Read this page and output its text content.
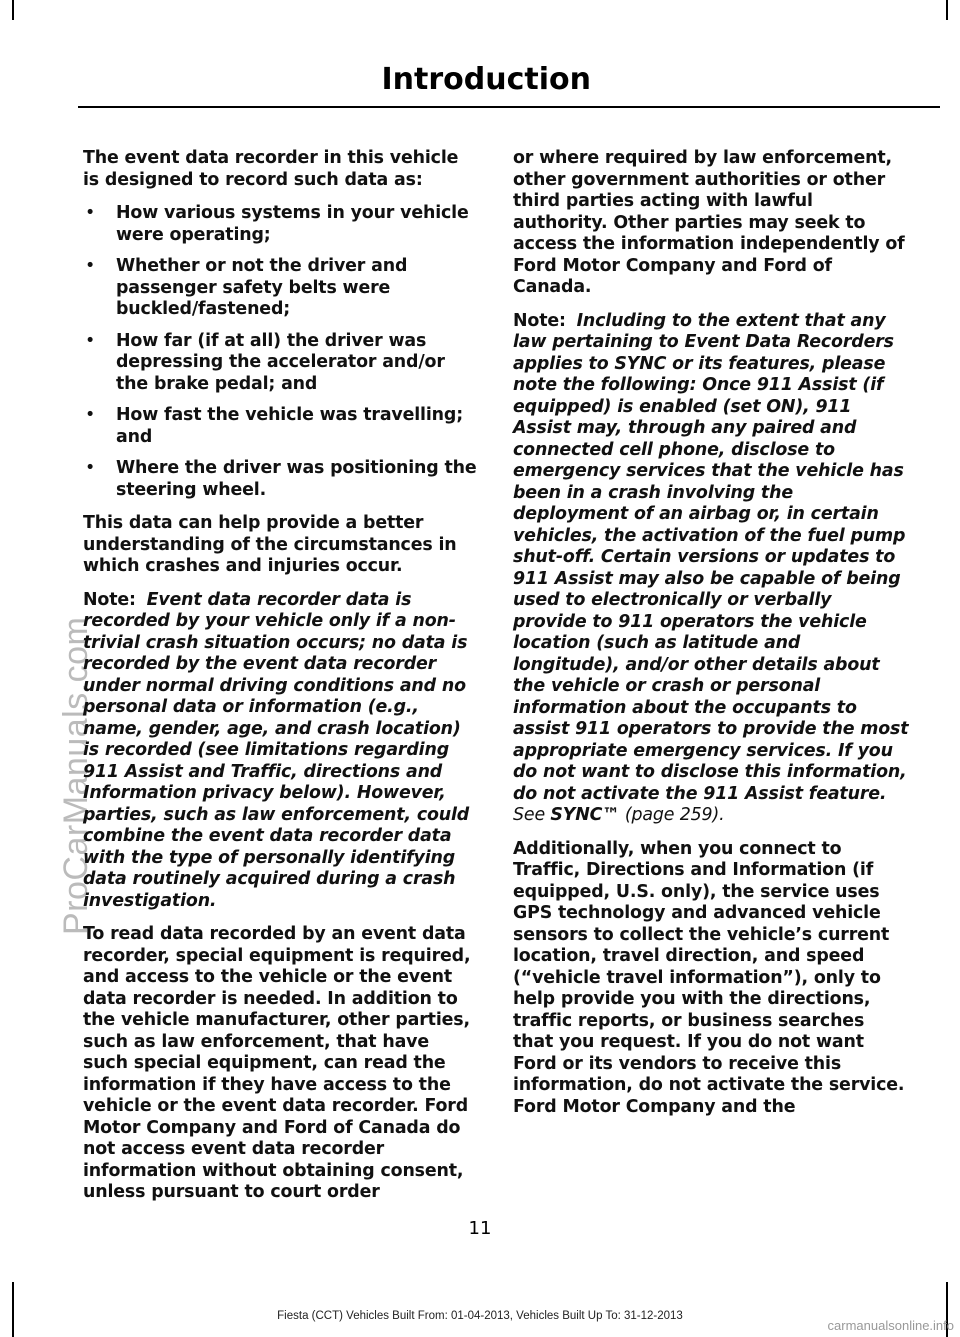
Introduction
ProCarManuals.com

The event data recorder in this vehicle is designed to record such data as:

• How various systems in your vehicle were operating;
• Whether or not the driver and passenger safety belts were buckled/fastened;
• How far (if at all) the driver was depressing the accelerator and/or the brake pedal; and
• How fast the vehicle was travelling; and
• Where the driver was positioning the steering wheel.

This data can help provide a better understanding of the circumstances in which crashes and injuries occur.

Note: Event data recorder data is recorded by your vehicle only if a non-trivial crash situation occurs; no data is recorded by the event data recorder under normal driving conditions and no personal data or information (e.g., name, gender, age, and crash location) is recorded (see limitations regarding 911 Assist and Traffic, directions and Information privacy below). However, parties, such as law enforcement, could combine the event data recorder data with the type of personally identifying data routinely acquired during a crash investigation.

To read data recorded by an event data recorder, special equipment is required, and access to the vehicle or the event data recorder is needed. In addition to the vehicle manufacturer, other parties, such as law enforcement, that have such special equipment, can read the information if they have access to the vehicle or the event data recorder. Ford Motor Company and Ford of Canada do not access event data recorder information without obtaining consent, unless pursuant to court order

or where required by law enforcement, other government authorities or other third parties acting with lawful authority. Other parties may seek to access the information independently of Ford Motor Company and Ford of Canada.

Note: Including to the extent that any law pertaining to Event Data Recorders applies to SYNC or its features, please note the following: Once 911 Assist (if equipped) is enabled (set ON), 911 Assist may, through any paired and connected cell phone, disclose to emergency services that the vehicle has been in a crash involving the deployment of an airbag or, in certain vehicles, the activation of the fuel pump shut-off. Certain versions or updates to 911 Assist may also be capable of being used to electronically or verbally provide to 911 operators the vehicle location (such as latitude and longitude), and/or other details about the vehicle or crash or personal information about the occupants to assist 911 operators to provide the most appropriate emergency services. If you do not want to disclose this information, do not activate the 911 Assist feature.   See SYNC™ (page 259).

Additionally, when you connect to Traffic, Directions and Information (if equipped, U.S. only), the service uses GPS technology and advanced vehicle sensors to collect the vehicle’s current location, travel direction, and speed (“vehicle travel information”), only to help provide you with the directions, traffic reports, or business searches that you request. If you do not want Ford or its vendors to receive this information, do not activate the service. Ford Motor Company and the

11
Fiesta (CCT) Vehicles Built From: 01-04-2013, Vehicles Built Up To: 31-12-2013
carmanualsonline.info
